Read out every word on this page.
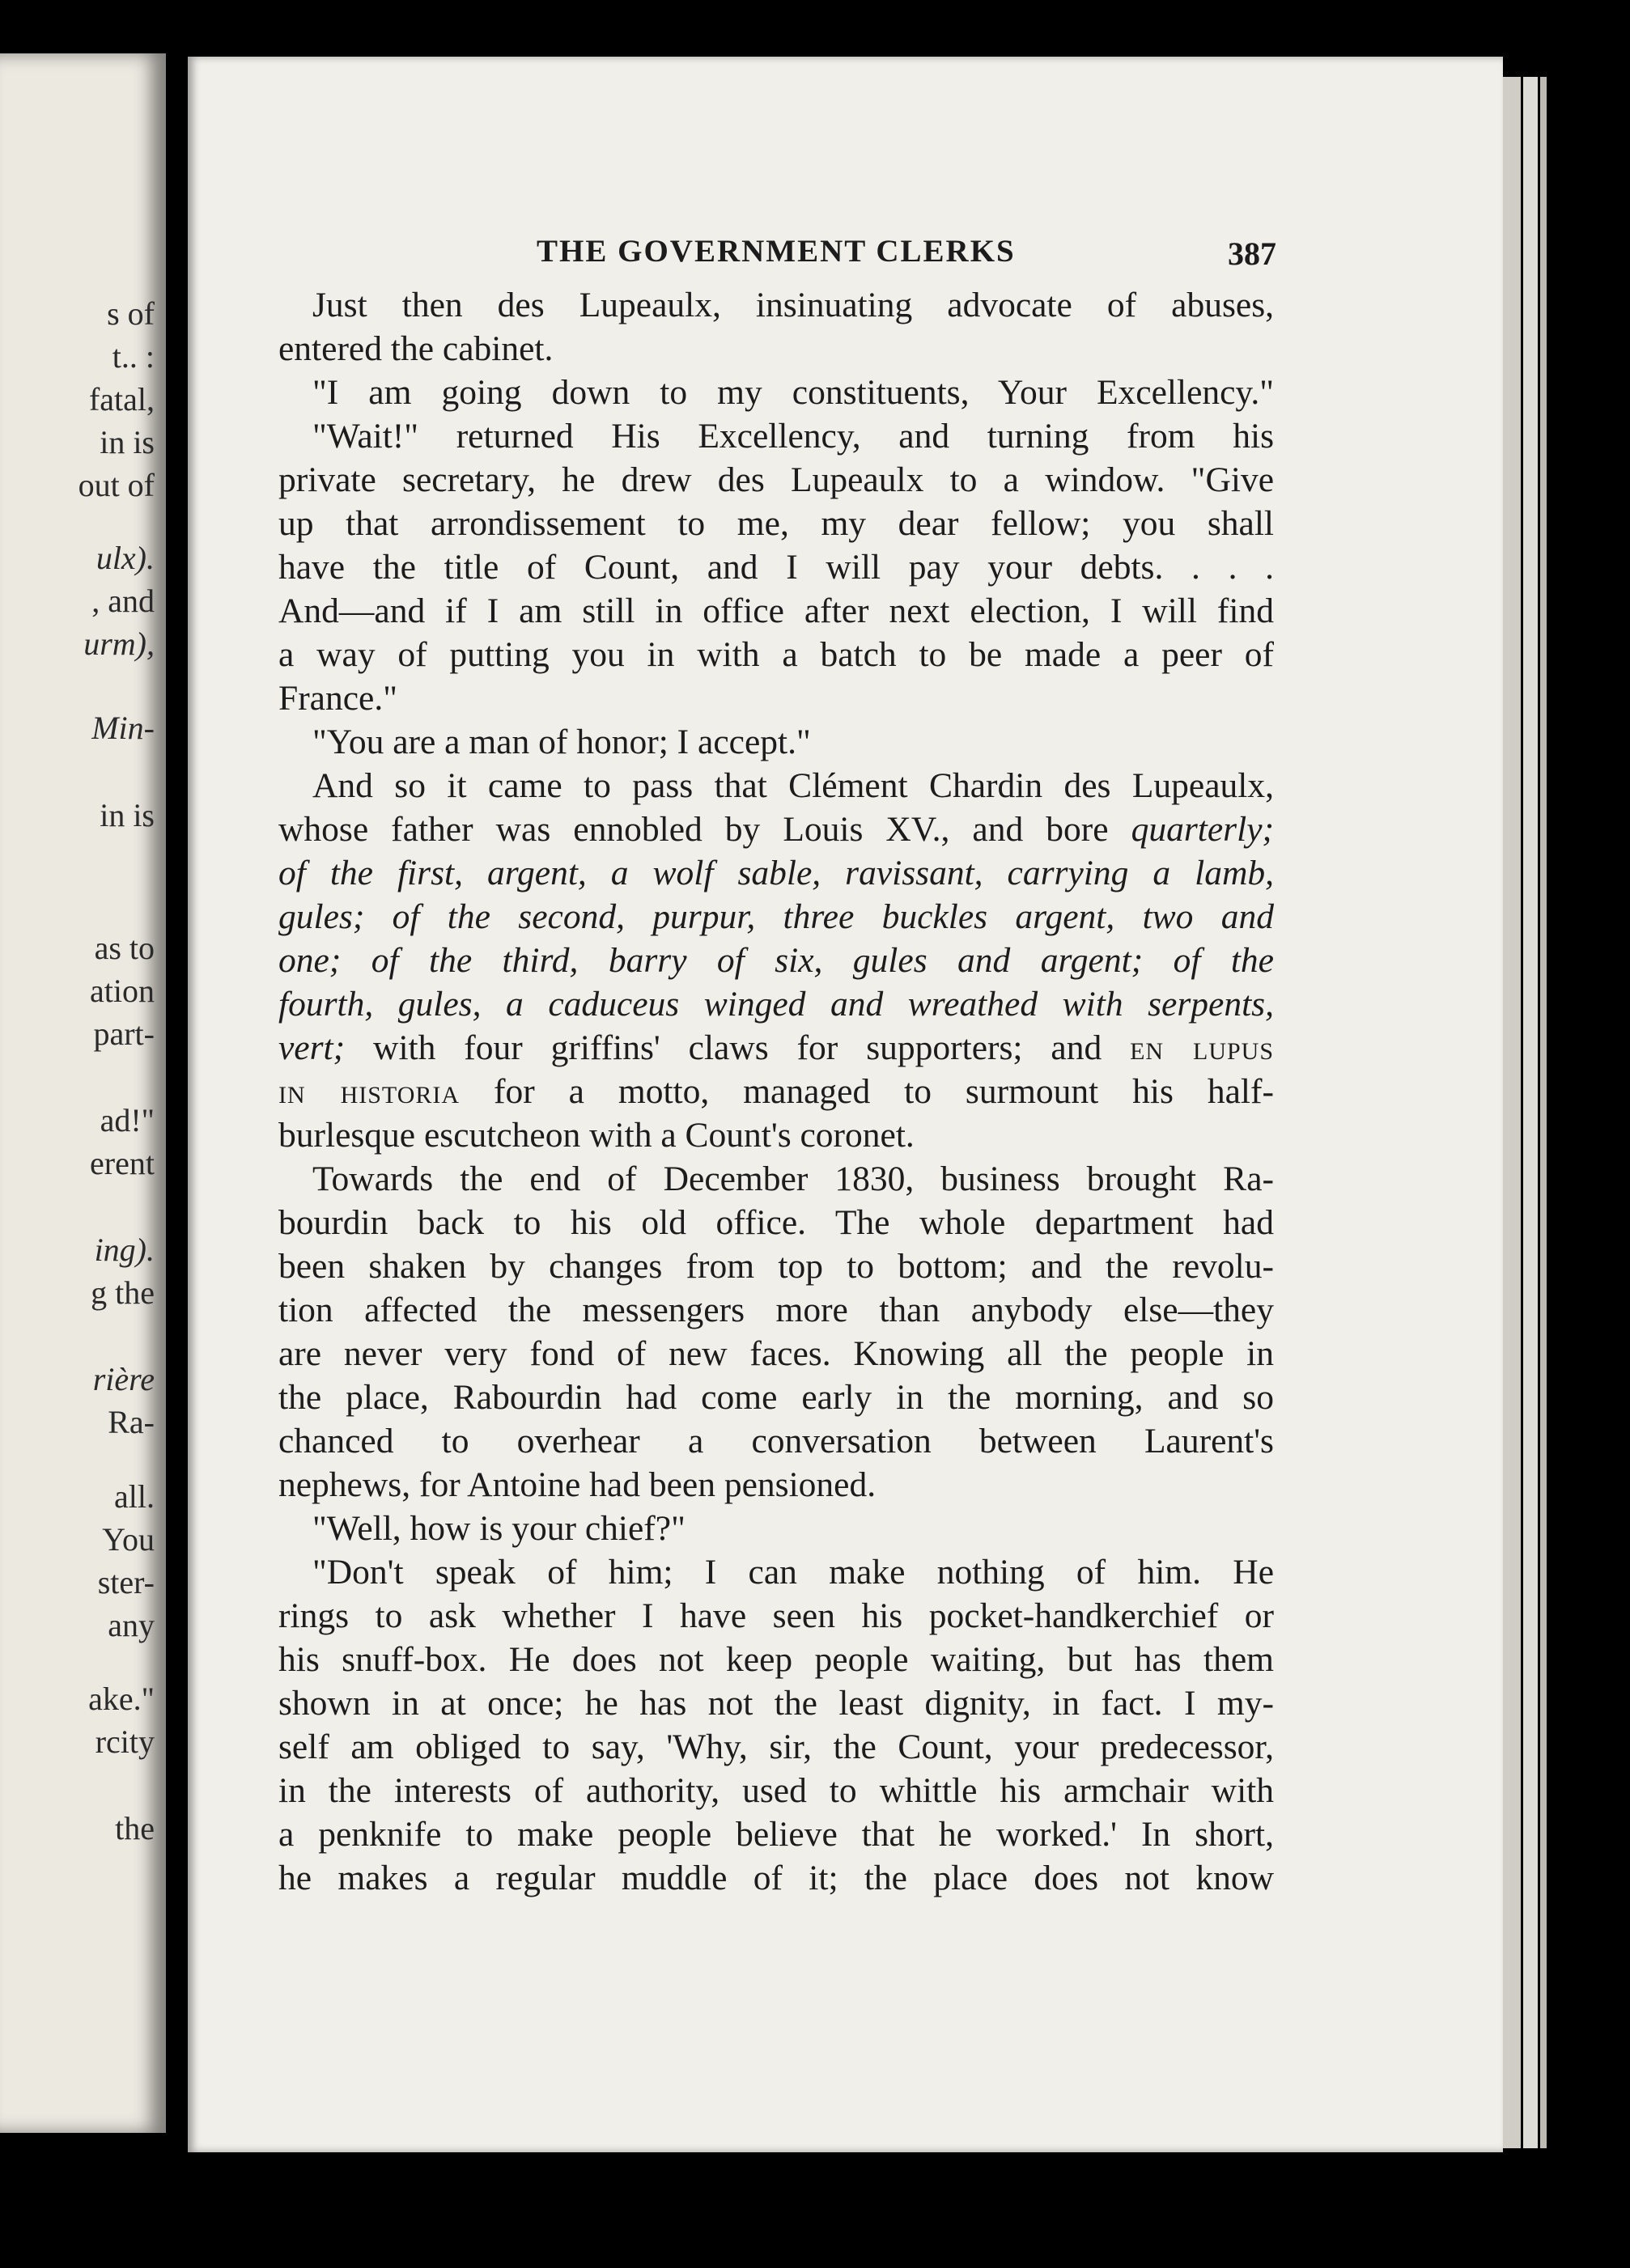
s of
t.. :
fatal,
in is
out of
ulx).
, and
urm),
Min-
in is
as to
ation
part-
ad!"
erent
ing).
g the
rière
Ra-
all.
You
ster-
any
ake."
rcity
the
THE GOVERNMENT CLERKS	387

Just then des Lupeaulx, insinuating advocate of abuses,

entered the cabinet.

"I am going down to my constituents, Your Excellency."

"Wait!" returned His Excellency, and turning from his

private secretary, he drew des Lupeaulx to a window. "Give

up that arrondissement to me, my dear fellow; you shall

have the title of Count, and I will pay your debts. . . .

And—and if I am still in office after next election, I will find

a way of putting you in with a batch to be made a peer of

France."

"You are a man of honor; I accept."

And so it came to pass that Clément Chardin des Lupeaulx,

whose father was ennobled by Louis XV., and bore quarterly;

of the first, argent, a wolf sable, ravissant, carrying a lamb,

gules; of the second, purpur, three buckles argent, two and

one; of the third, barry of six, gules and argent; of the

fourth, gules, a caduceus winged and wreathed with serpents,

vert; with four griffins' claws for supporters; and en lupus

in historia for a motto, managed to surmount his half-

burlesque escutcheon with a Count's coronet.

Towards the end of December 1830, business brought Ra-

bourdin back to his old office. The whole department had

been shaken by changes from top to bottom; and the revolu-

tion affected the messengers more than anybody else—they

are never very fond of new faces. Knowing all the people in

the place, Rabourdin had come early in the morning, and so

chanced to overhear a conversation between Laurent's

nephews, for Antoine had been pensioned.

"Well, how is your chief?"

"Don't speak of him; I can make nothing of him. He

rings to ask whether I have seen his pocket-handkerchief or

his snuff-box. He does not keep people waiting, but has them

shown in at once; he has not the least dignity, in fact. I my-

self am obliged to say, 'Why, sir, the Count, your predecessor,

in the interests of authority, used to whittle his armchair with

a penknife to make people believe that he worked.' In short,

he makes a regular muddle of it; the place does not know
